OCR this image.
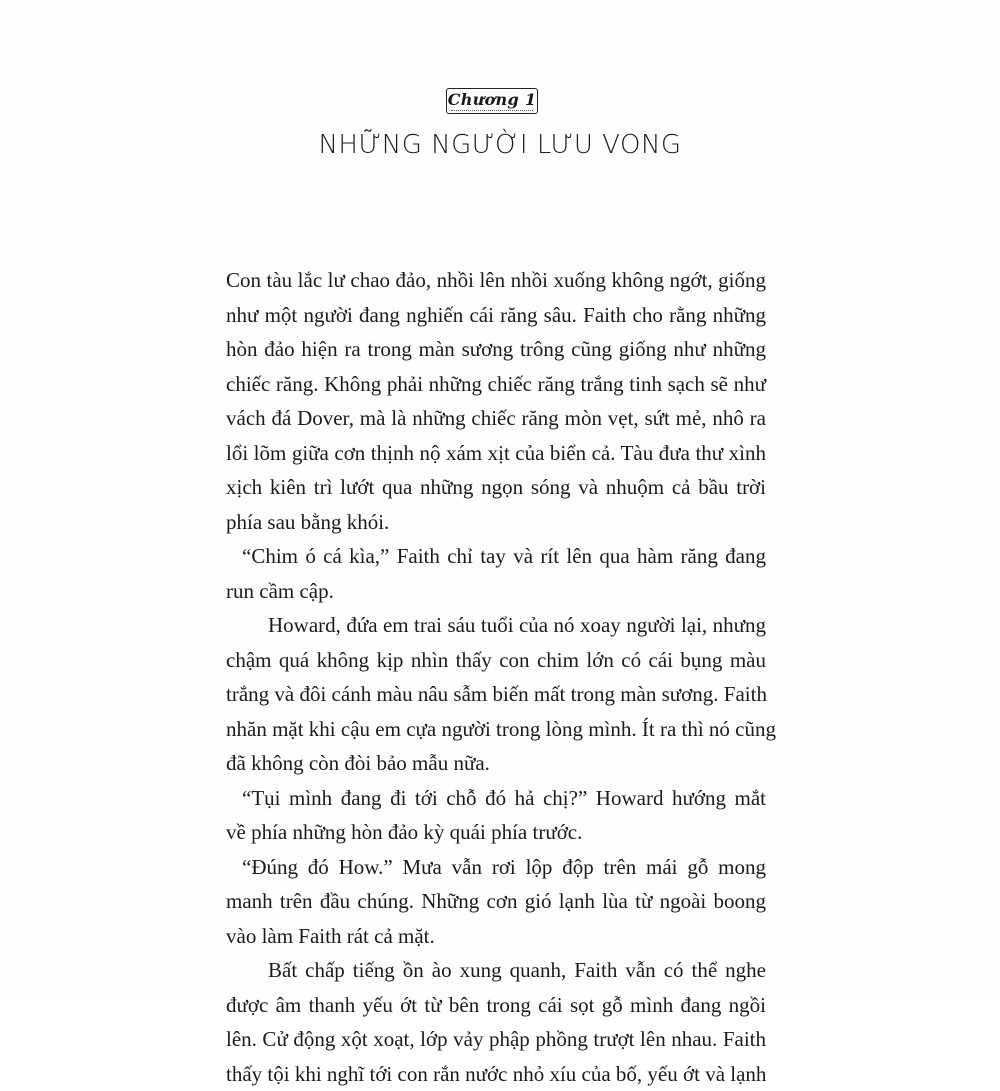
Chương 1
NHỮNG NGƯỜI LƯU VONG
Con tàu lắc lư chao đảo, nhồi lên nhồi xuống không ngớt, giống
như một người đang nghiến cái răng sâu. Faith cho rằng những
hòn đảo hiện ra trong màn sương trông cũng giống như những
chiếc răng. Không phải những chiếc răng trắng tinh sạch sẽ như
vách đá Dover, mà là những chiếc răng mòn vẹt, sứt mẻ, nhô ra
lổi lõm giữa cơn thịnh nộ xám xịt của biển cả. Tàu đưa thư xình
xịch kiên trì lướt qua những ngọn sóng và nhuộm cả bầu trời
phía sau bằng khói.
“Chim ó cá kìa,” Faith chỉ tay và rít lên qua hàm răng đang
run cầm cập.
Howard, đứa em trai sáu tuổi của nó xoay người lại, nhưng
chậm quá không kịp nhìn thấy con chim lớn có cái bụng màu
trắng và đôi cánh màu nâu sẫm biến mất trong màn sương. Faith
nhăn mặt khi cậu em cựa người trong lòng mình. Ít ra thì nó cũng
đã không còn đòi bảo mẫu nữa.
“Tụi mình đang đi tới chỗ đó hả chị?” Howard hướng mắt
về phía những hòn đảo kỳ quái phía trước.
“Đúng đó How.” Mưa vẫn rơi lộp độp trên mái gỗ mong
manh trên đầu chúng. Những cơn gió lạnh lùa từ ngoài boong
vào làm Faith rát cả mặt.
Bất chấp tiếng ồn ào xung quanh, Faith vẫn có thể nghe
được âm thanh yếu ớt từ bên trong cái sọt gỗ mình đang ngồi
lên. Cử động xột xoạt, lớp vảy phập phồng trượt lên nhau. Faith
thấy tội khi nghĩ tới con rắn nước nhỏ xíu của bố, yếu ớt và lạnh
